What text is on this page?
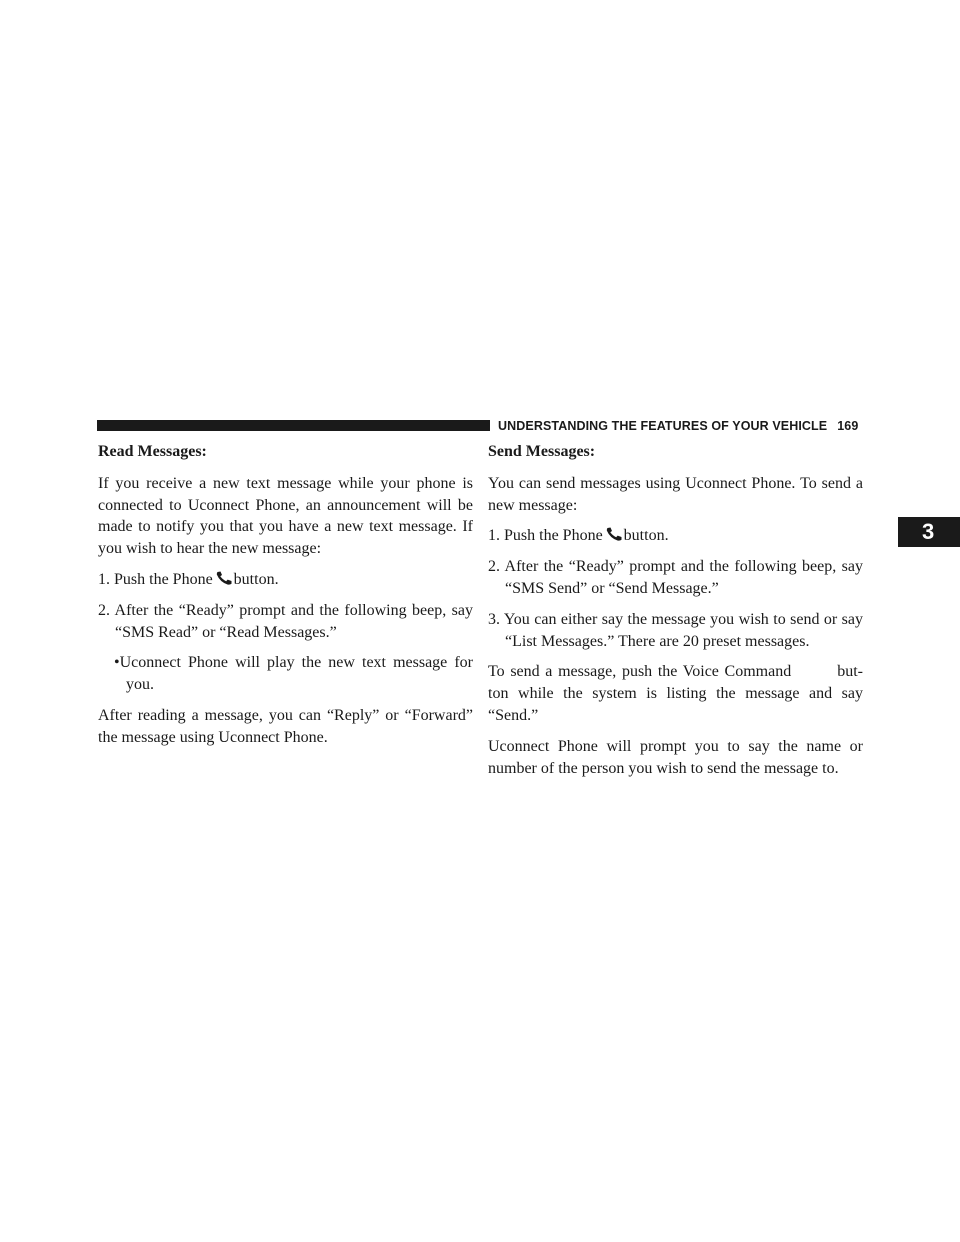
UNDERSTANDING THE FEATURES OF YOUR VEHICLE 169
3

Read Messages:

If you receive a new text message while your phone is connected to Uconnect Phone, an announcement will be made to notify you that you have a new text message. If you wish to hear the new message:

1. Push the Phone button.

2. After the “Ready” prompt and the following beep, say “SMS Read” or “Read Messages.”

•Uconnect Phone will play the new text message for you.

After reading a message, you can “Reply” or “Forward” the message using Uconnect Phone.

Send Messages:

You can send messages using Uconnect Phone. To send a new message:

1. Push the Phone button.

2. After the “Ready” prompt and the following beep, say “SMS Send” or “Send Message.”

3. You can either say the message you wish to send or say “List Messages.” There are 20 preset messages.

To send a message, push the Voice Command	but- ton while the system is listing the message and say “Send.”

Uconnect Phone will prompt you to say the name or number of the person you wish to send the message to.
